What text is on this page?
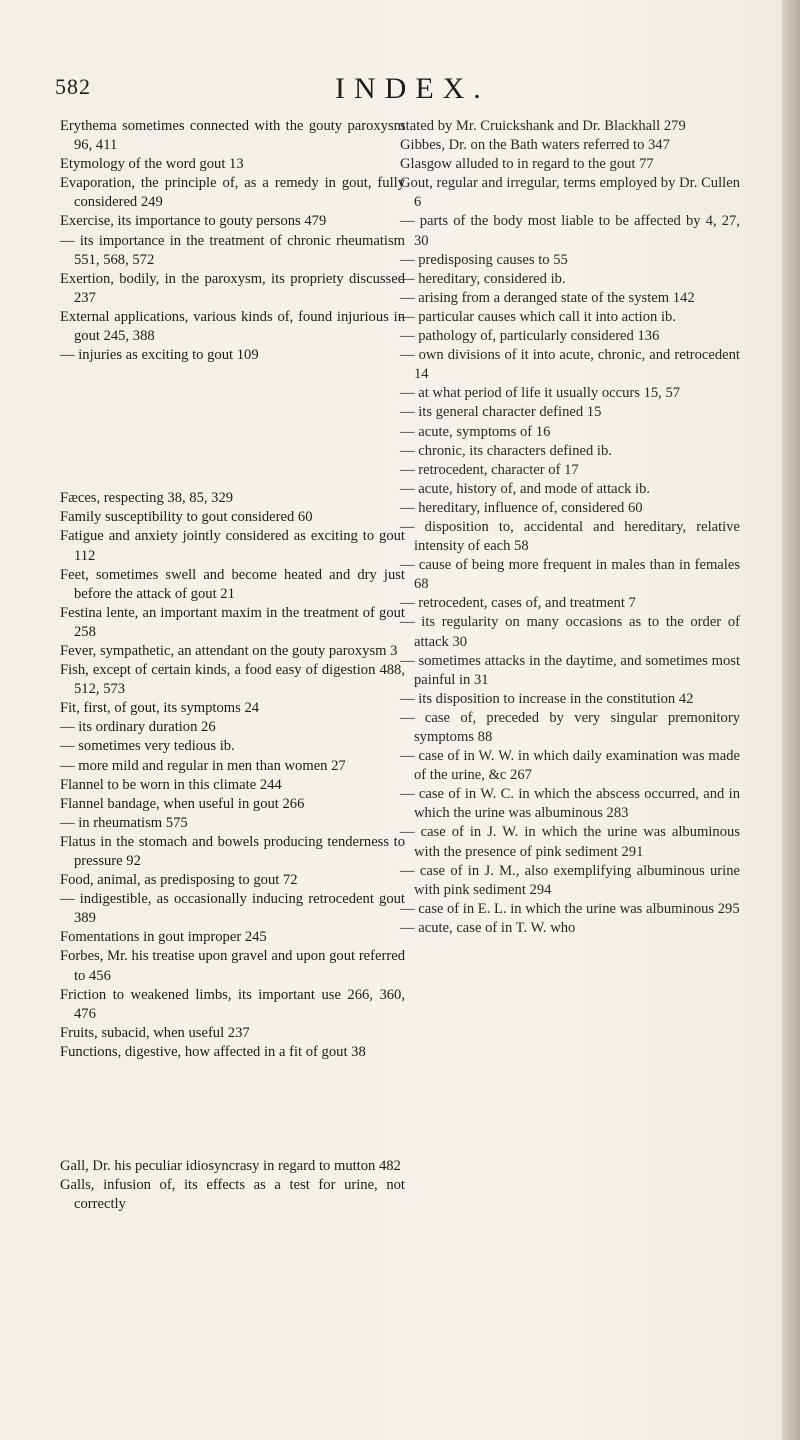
582	INDEX.

Erythema sometimes connected with the gouty paroxysm 96, 411

Etymology of the word gout 13

Evaporation, the principle of, as a remedy in gout, fully considered 249

Exercise, its importance to gouty persons 479

— its importance in the treatment of chronic rheumatism 551, 568, 572

Exertion, bodily, in the paroxysm, its propriety discussed 237

External applications, various kinds of, found injurious in gout 245, 388

— injuries as exciting to gout 109

Fæces, respecting 38, 85, 329

Family susceptibility to gout considered 60

Fatigue and anxiety jointly considered as exciting to gout 112

Feet, sometimes swell and become heated and dry just before the attack of gout 21

Festina lente, an important maxim in the treatment of gout 258

Fever, sympathetic, an attendant on the gouty paroxysm 3

Fish, except of certain kinds, a food easy of digestion 488, 512, 573

Fit, first, of gout, its symptoms 24

— its ordinary duration 26

— sometimes very tedious ib.

— more mild and regular in men than women 27

Flannel to be worn in this climate 244

Flannel bandage, when useful in gout 266

— in rheumatism 575

Flatus in the stomach and bowels producing tenderness to pressure 92

Food, animal, as predisposing to gout 72

— indigestible, as occasionally inducing retrocedent gout 389

Fomentations in gout improper 245

Forbes, Mr. his treatise upon gravel and upon gout referred to 456

Friction to weakened limbs, its important use 266, 360, 476

Fruits, subacid, when useful 237

Functions, digestive, how affected in a fit of gout 38

Gall, Dr. his peculiar idiosyncrasy in regard to mutton 482

Galls, infusion of, its effects as a test for urine, not correctly

stated by Mr. Cruickshank and Dr. Blackhall 279

Gibbes, Dr. on the Bath waters referred to 347

Glasgow alluded to in regard to the gout 77

Gout, regular and irregular, terms employed by Dr. Cullen 6

— parts of the body most liable to be affected by 4, 27, 30

— predisposing causes to 55

— hereditary, considered ib.

— arising from a deranged state of the system 142

— particular causes which call it into action ib.

— pathology of, particularly considered 136

— own divisions of it into acute, chronic, and retrocedent 14

— at what period of life it usually occurs 15, 57

— its general character defined 15

— acute, symptoms of 16

— chronic, its characters defined ib.

— retrocedent, character of 17

— acute, history of, and mode of attack ib.

— hereditary, influence of, considered 60

— disposition to, accidental and hereditary, relative intensity of each 58

— cause of being more frequent in males than in females 68

— retrocedent, cases of, and treatment 7

— its regularity on many occasions as to the order of attack 30

— sometimes attacks in the daytime, and sometimes most painful in 31

— its disposition to increase in the constitution 42

— case of, preceded by very singular premonitory symptoms 88

— case of in W. W. in which daily examination was made of the urine, &c 267

— case of in W. C. in which the abscess occurred, and in which the urine was albuminous 283

— case of in J. W. in which the urine was albuminous with the presence of pink sediment 291

— case of in J. M., also exemplifying albuminous urine with pink sediment 294

— case of in E. L. in which the urine was albuminous 295

— acute, case of in T. W. who
